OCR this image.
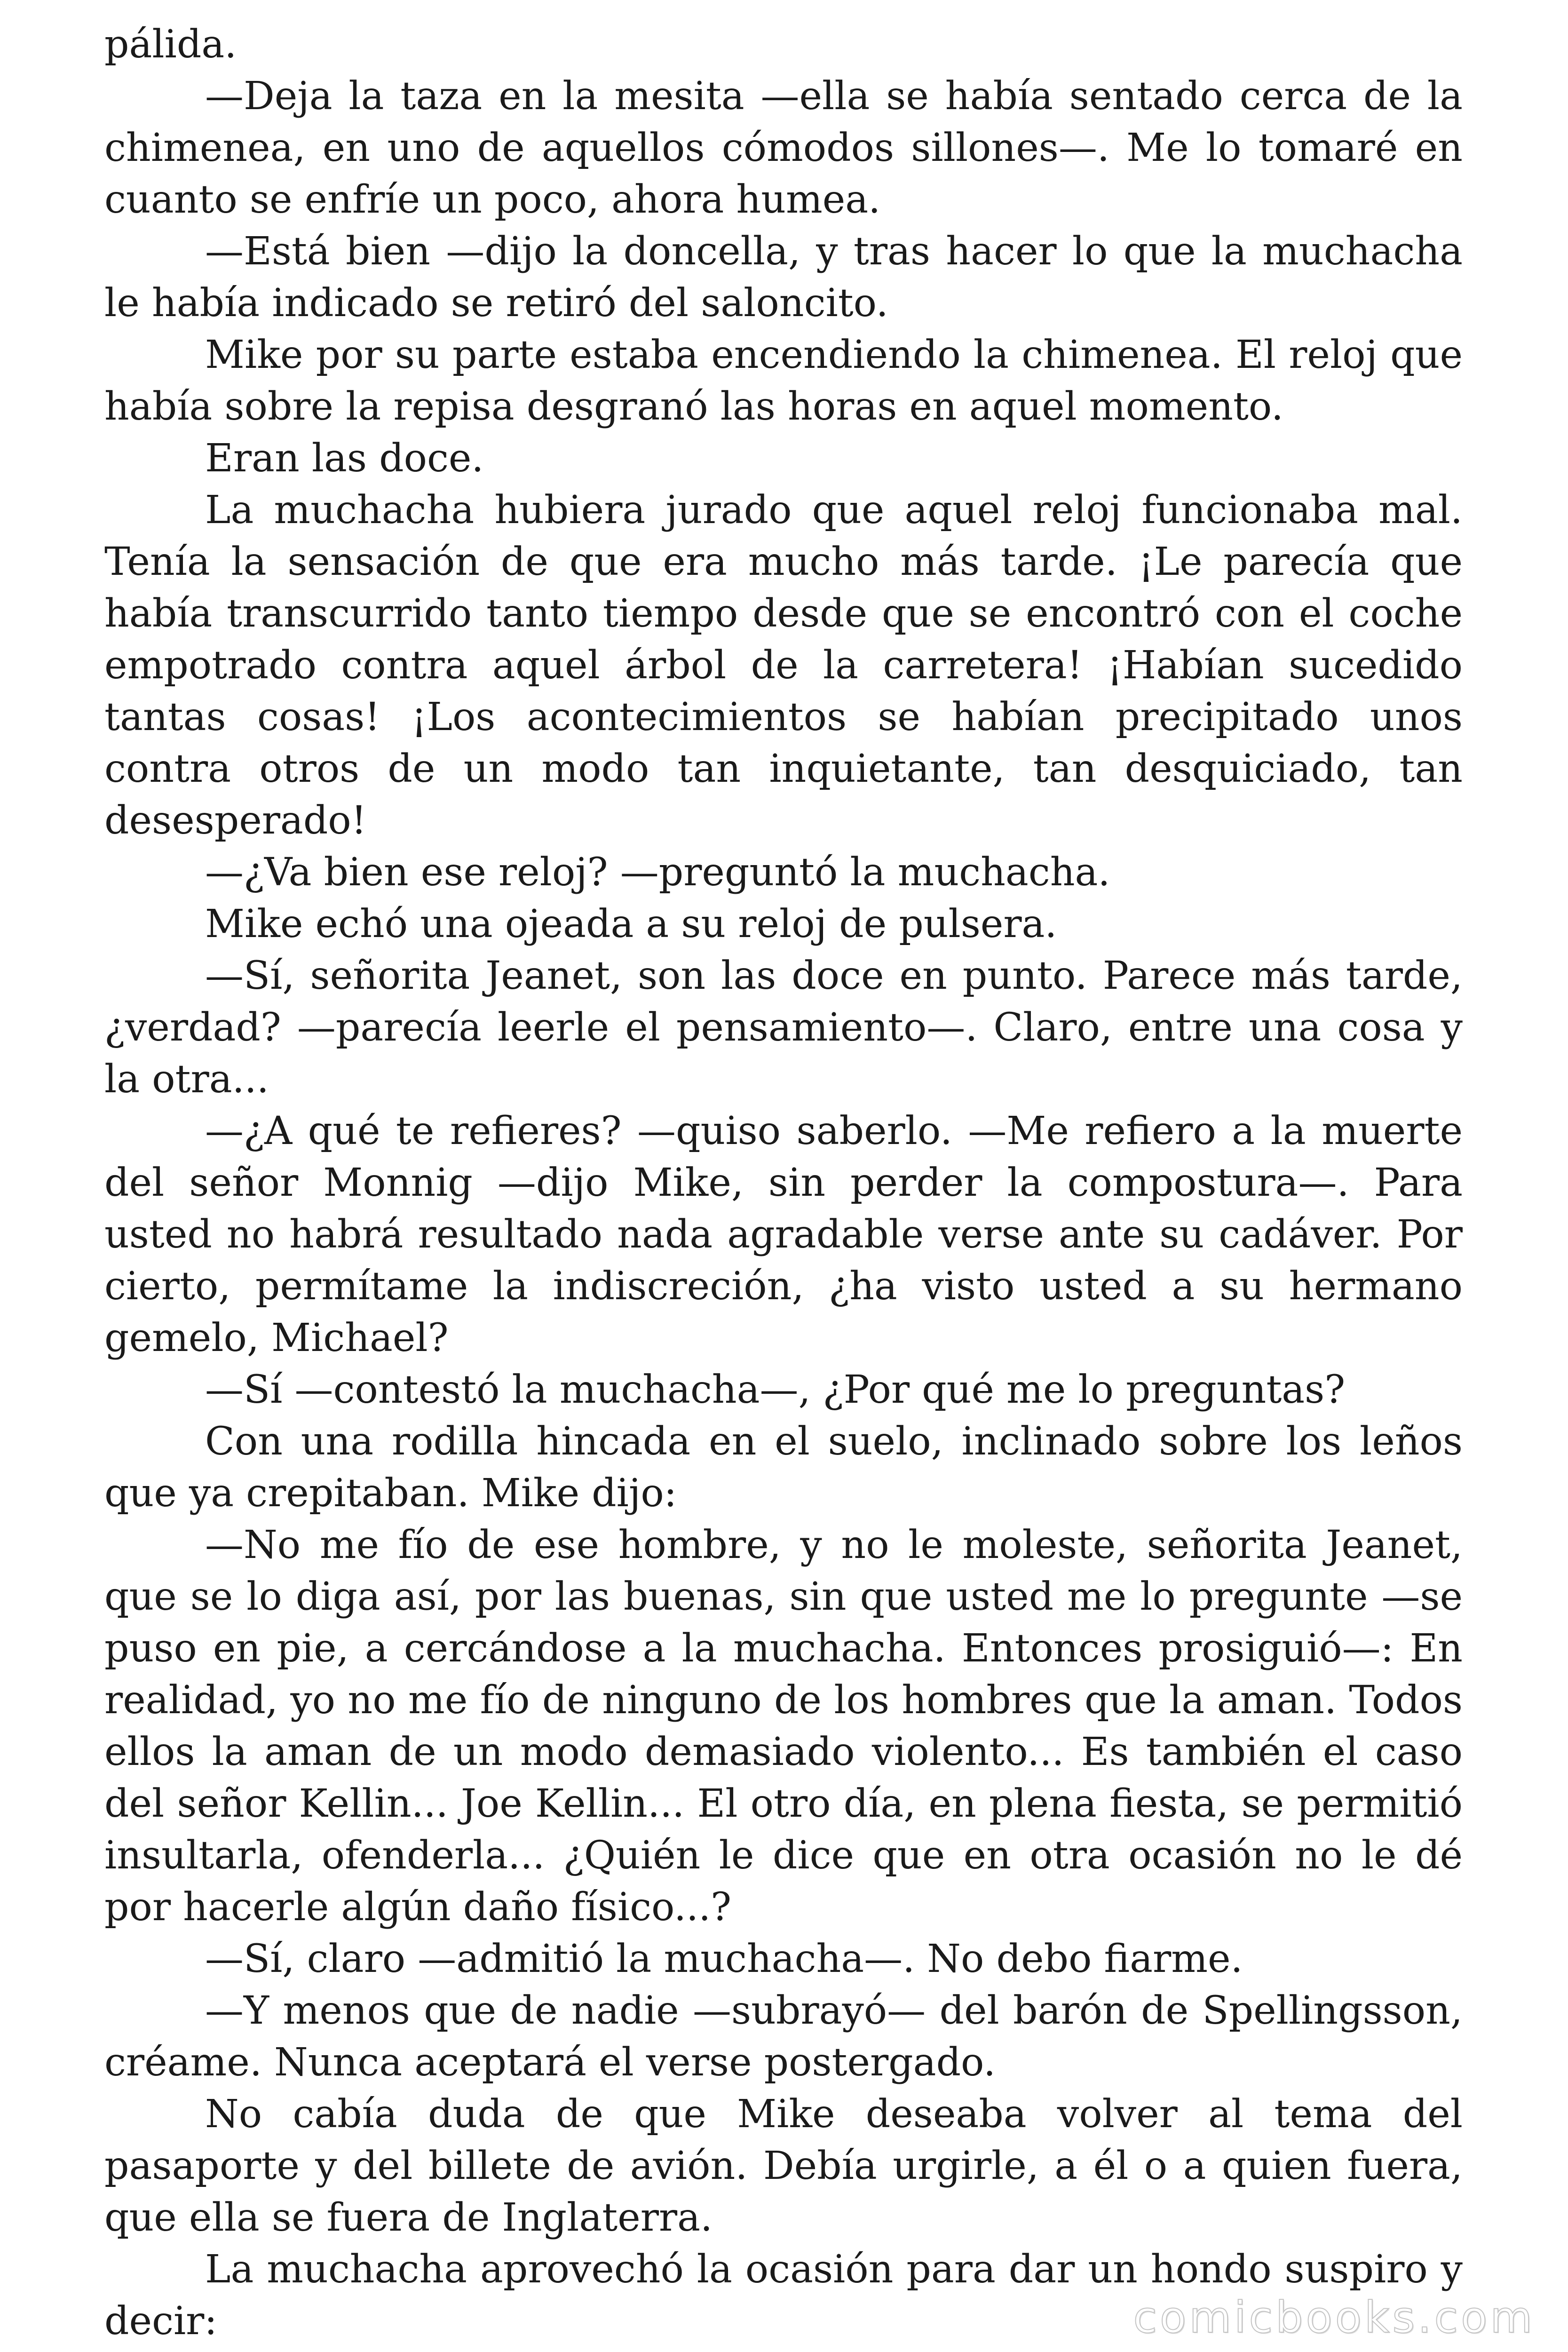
pálida.

—Deja la taza en la mesita —ella se había sentado cerca de la chimenea, en uno de aquellos cómodos sillones—. Me lo tomaré en cuanto se enfríe un poco, ahora humea.

—Está bien —dijo la doncella, y tras hacer lo que la muchacha le había indicado se retiró del saloncito.

Mike por su parte estaba encendiendo la chimenea. El reloj que había sobre la repisa desgranó las horas en aquel momento.

Eran las doce.

La muchacha hubiera jurado que aquel reloj funcionaba mal. Tenía la sensación de que era mucho más tarde. ¡Le parecía que había transcurrido tanto tiempo desde que se encontró con el coche empotrado contra aquel árbol de la carretera! ¡Habían sucedido tantas cosas! ¡Los acontecimientos se habían precipitado unos contra otros de un modo tan inquietante, tan desquiciado, tan desesperado!

—¿Va bien ese reloj? —preguntó la muchacha.

Mike echó una ojeada a su reloj de pulsera.

—Sí, señorita Jeanet, son las doce en punto. Parece más tarde, ¿verdad? —parecía leerle el pensamiento—. Claro, entre una cosa y la otra...

—¿A qué te refieres? —quiso saberlo. —Me refiero a la muerte del señor Monnig —dijo Mike, sin perder la compostura—. Para usted no habrá resultado nada agradable verse ante su cadáver. Por cierto, permítame la indiscreción, ¿ha visto usted a su hermano gemelo, Michael?

—Sí —contestó la muchacha—, ¿Por qué me lo preguntas?

Con una rodilla hincada en el suelo, inclinado sobre los leños que ya crepitaban. Mike dijo:

—No me fío de ese hombre, y no le moleste, señorita Jeanet, que se lo diga así, por las buenas, sin que usted me lo pregunte —se puso en pie, a cercándose a la muchacha. Entonces prosiguió—: En realidad, yo no me fío de ninguno de los hombres que la aman. Todos ellos la aman de un modo demasiado violento... Es también el caso del señor Kellin... Joe Kellin... El otro día, en plena fiesta, se permitió insultarla, ofenderla... ¿Quién le dice que en otra ocasión no le dé por hacerle algún daño físico...?

—Sí, claro —admitió la muchacha—. No debo fiarme.

—Y menos que de nadie —subrayó— del barón de Spellingsson, créame. Nunca aceptará el verse postergado.

No cabía duda de que Mike deseaba volver al tema del pasaporte y del billete de avión. Debía urgirle, a él o a quien fuera, que ella se fuera de Inglaterra.

La muchacha aprovechó la ocasión para dar un hondo suspiro y decir:	comicbooks.com
